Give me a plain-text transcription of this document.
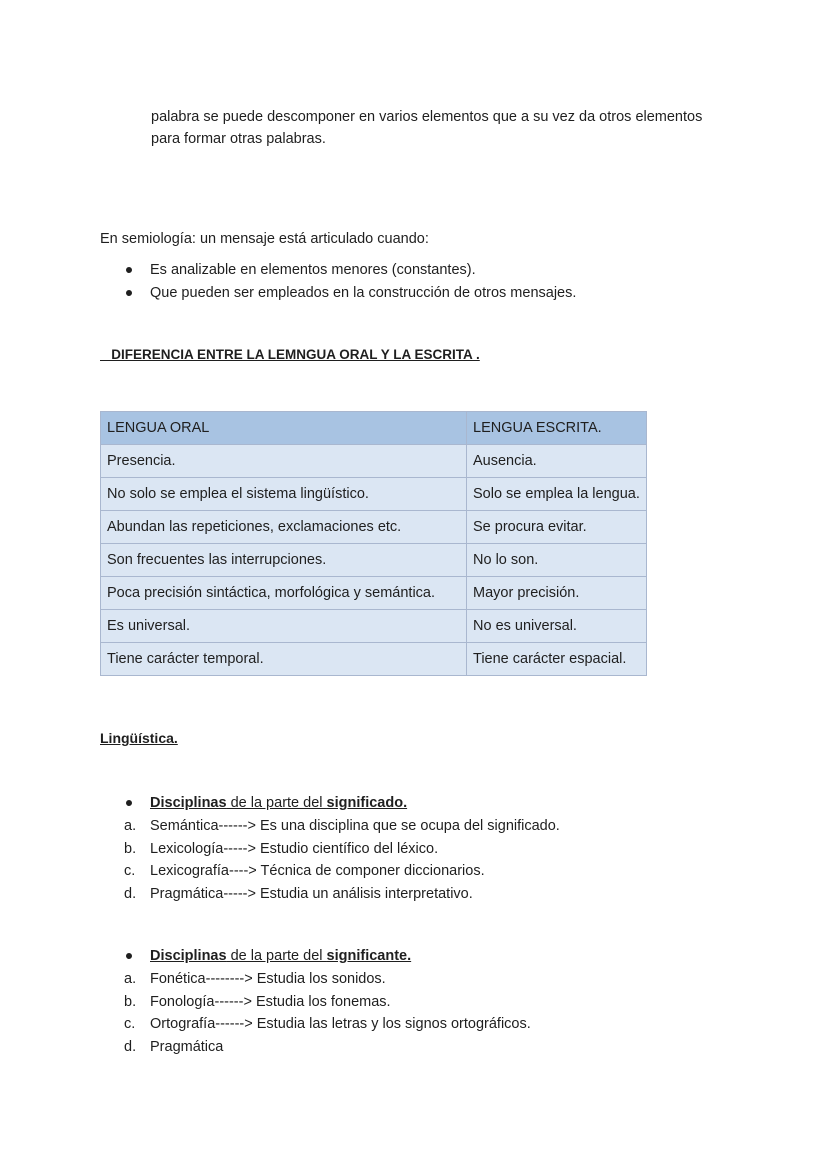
palabra se puede descomponer en varios elementos que a su vez da otros elementos
para formar otras palabras.
En semiología: un mensaje está articulado cuando:
Es analizable en elementos menores (constantes).
Que pueden ser empleados en la construcción de otros mensajes.
DIFERENCIA ENTRE LA LEMNGUA ORAL Y LA ESCRITA .
LENGUA ORAL	LENGUA ESCRITA.
Presencia.	Ausencia.
No solo se emplea el sistema lingüístico.	Solo se emplea la lengua.
Abundan las repeticiones, exclamaciones etc.	Se procura evitar.
Son frecuentes las interrupciones.	No lo son.
Poca precisión sintáctica, morfológica y semántica.	Mayor precisión.
Es universal.	No es universal.
Tiene carácter temporal.	Tiene carácter espacial.
Lingüística.
Disciplinas de la parte del significado.
a. Semántica------> Es una disciplina que se ocupa del significado.
b. Lexicología-----> Estudio científico del léxico.
c. Lexicografía----> Técnica de componer diccionarios.
d. Pragmática-----> Estudia un análisis interpretativo.
Disciplinas de la parte del significante.
a. Fonética--------> Estudia los sonidos.
b. Fonología------> Estudia los fonemas.
c. Ortografía------> Estudia las letras y los signos ortográficos.
d. Pragmática
